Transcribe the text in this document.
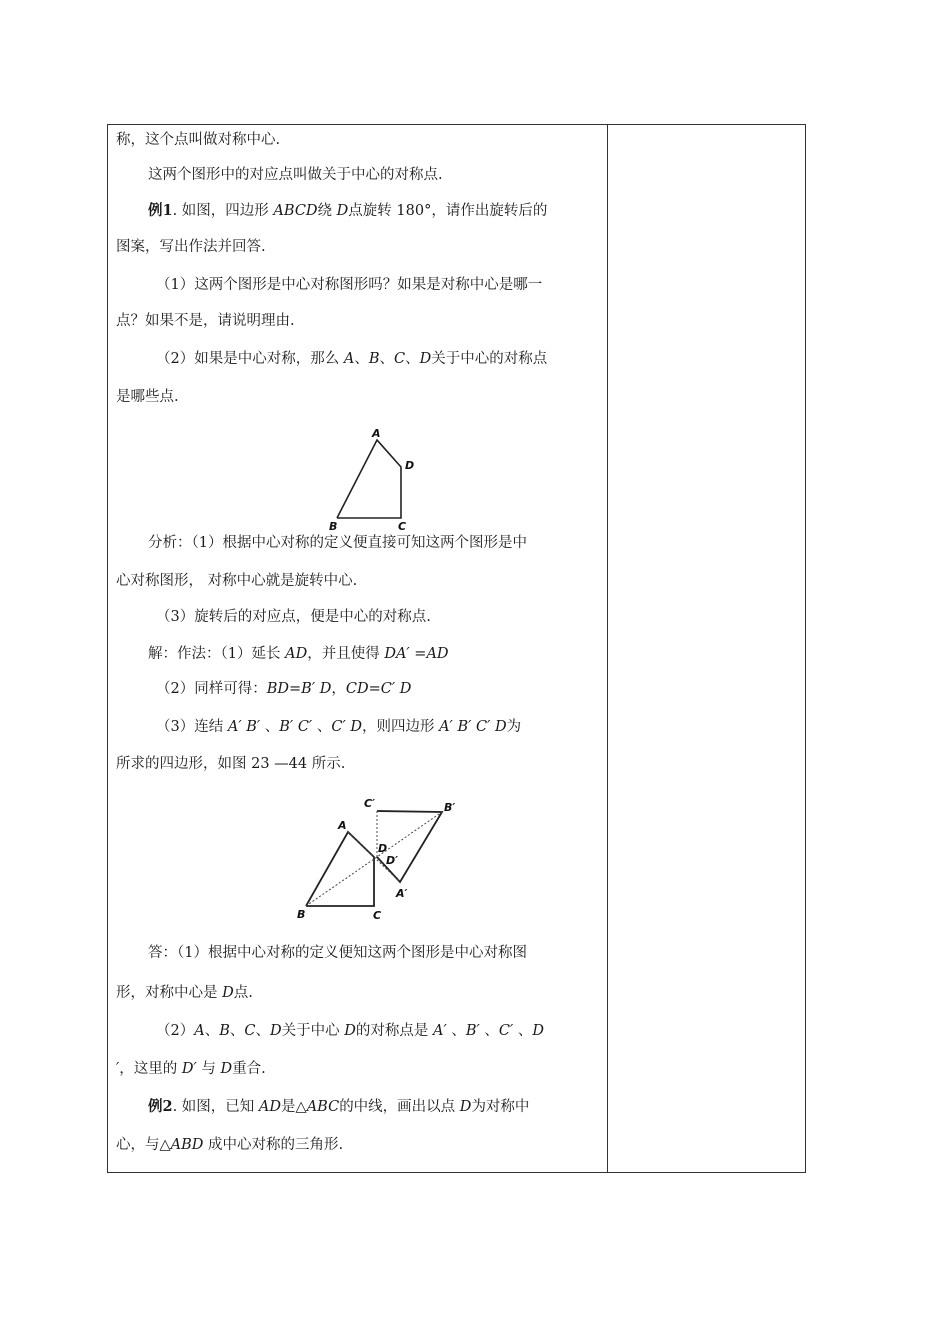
称，这个点叫做对称中心.
这两个图形中的对应点叫做关于中心的对称点.
例1. 如图，四边形 ABCD绕 D点旋转 180°，请作出旋转后的
图案，写出作法并回答.
（1）这两个图形是中心对称图形吗？如果是对称中心是哪一
点？如果不是，请说明理由.
（2）如果是中心对称，那么 A、B、C、D关于中心的对称点
是哪些点.
A
D
B	C
分析：（1）根据中心对称的定义便直接可知这两个图形是中
心对称图形， 对称中心就是旋转中心.
（3）旋转后的对应点，便是中心的对称点.
解：作法：（1）延长 AD，并且使得 DA′ =AD
（2）同样可得：BD=B′ D，CD=C′ D
（3）连结 A′ B′ 、B′ C′ 、C′ D，则四边形 A′ B′ C′ D为
所求的四边形，如图 23 —44 所示.
C′	B′
A
D
D′
A′
B	C
答：（1）根据中心对称的定义便知这两个图形是中心对称图
形，对称中心是 D点.
（2）A、B、C、D关于中心 D的对称点是 A′ 、B′ 、C′ 、D
′，这里的 D′ 与 D重合.
例2. 如图，已知 AD是△ABC的中线，画出以点 D为对称中
心，与△ABD 成中心对称的三角形.
